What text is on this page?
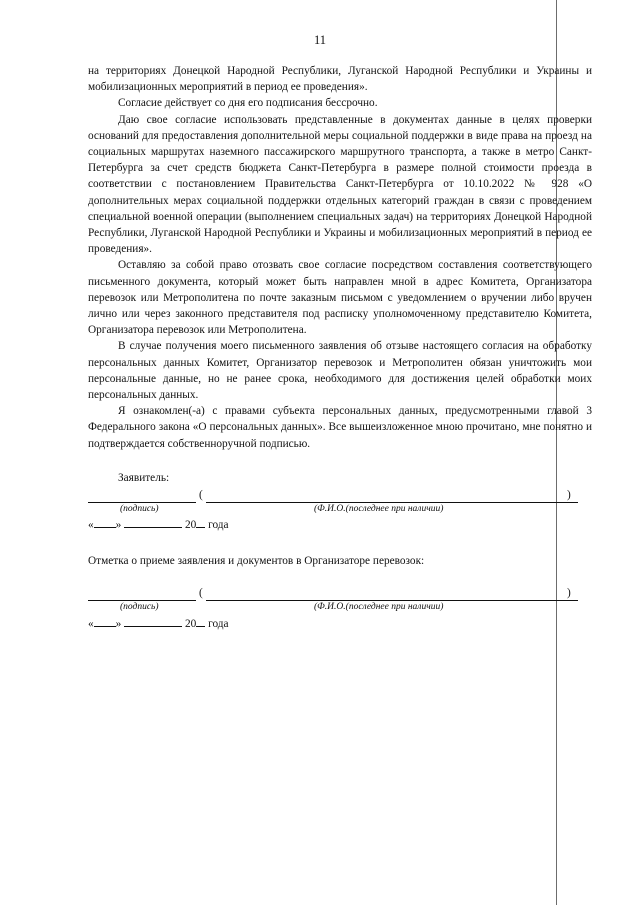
11

на территориях Донецкой Народной Республики, Луганской Народной Республики и Украины и мобилизационных мероприятий в период ее проведения».

Согласие действует со дня его подписания бессрочно.

Даю свое согласие использовать представленные в документах данные в целях проверки оснований для предоставления дополнительной меры социальной поддержки в виде права на проезд на социальных маршрутах наземного пассажирского маршрутного транспорта, а также в метро Санкт-Петербурга за счет средств бюджета Санкт-Петербурга в размере полной стоимости проезда в соответствии с постановлением Правительства Санкт-Петербурга от 10.10.2022 № 928 «О дополнительных мерах социальной поддержки отдельных категорий граждан в связи с проведением специальной военной операции (выполнением специальных задач) на территориях Донецкой Народной Республики, Луганской Народной Республики и Украины и мобилизационных мероприятий в период ее проведения».

Оставляю за собой право отозвать свое согласие посредством составления соответствующего письменного документа, который может быть направлен мной в адрес Комитета, Организатора перевозок или Метрополитена по почте заказным письмом с уведомлением о вручении либо вручен лично или через законного представителя под расписку уполномоченному представителю Комитета, Организатора перевозок или Метрополитена.

В случае получения моего письменного заявления об отзыве настоящего согласия на обработку персональных данных Комитет, Организатор перевозок и Метрополитен обязан уничтожить мои персональные данные, но не ранее срока, необходимого для достижения целей обработки моих персональных данных.

Я ознакомлен(-а) с правами субъекта персональных данных, предусмотренными главой 3 Федерального закона «О персональных данных». Все вышеизложенное мною прочитано, мне понятно и подтверждается собственноручной подписью.

Заявитель:
(	)
(подпись)	(Ф.И.О.(последнее при наличии)
« »	20 года
Отметка о приеме заявления и документов в Организаторе перевозок:
(	)
(подпись)	(Ф.И.О.(последнее при наличии)
« »	20 года
